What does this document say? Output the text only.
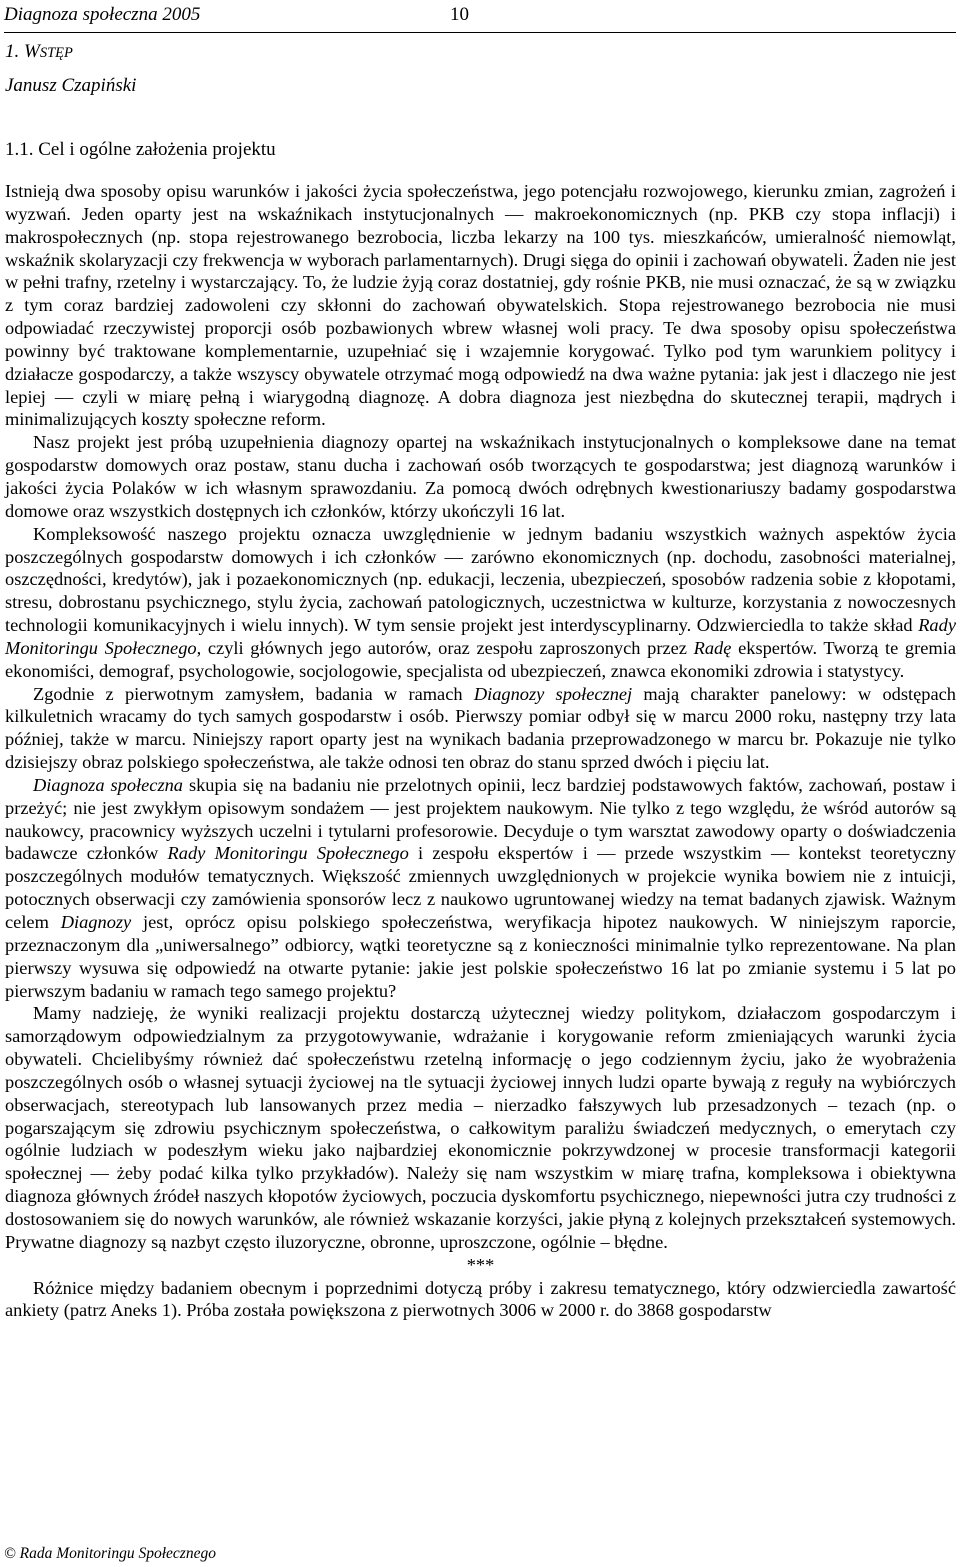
Diagnoza społeczna 2005	10
1. WSTĘP
Janusz Czapiński
1.1. Cel i ogólne założenia projektu

Istnieją dwa sposoby opisu warunków i jakości życia społeczeństwa, jego potencjału rozwojowego, kierunku zmian, zagrożeń i wyzwań. Jeden oparty jest na wskaźnikach instytucjonalnych — makroekonomicznych (np. PKB czy stopa inflacji) i makrospołecznych (np. stopa rejestrowanego bezrobocia, liczba lekarzy na 100 tys. mieszkańców, umieralność niemowląt, wskaźnik skolaryzacji czy frekwencja w wyborach parlamentarnych). Drugi sięga do opinii i zachowań obywateli. Żaden nie jest w pełni trafny, rzetelny i wystarczający. To, że ludzie żyją coraz dostatniej, gdy rośnie PKB, nie musi oznaczać, że są w związku z tym coraz bardziej zadowoleni czy skłonni do zachowań obywatelskich. Stopa rejestrowanego bezrobocia nie musi odpowiadać rzeczywistej proporcji osób pozbawionych wbrew własnej woli pracy. Te dwa sposoby opisu społeczeństwa powinny być traktowane komplementarnie, uzupełniać się i wzajemnie korygować. Tylko pod tym warunkiem politycy i działacze gospodarczy, a także wszyscy obywatele otrzymać mogą odpowiedź na dwa ważne pytania: jak jest i dlaczego nie jest lepiej — czyli w miarę pełną i wiarygodną diagnozę. A dobra diagnoza jest niezbędna do skutecznej terapii, mądrych i minimalizujących koszty społeczne reform.

Nasz projekt jest próbą uzupełnienia diagnozy opartej na wskaźnikach instytucjonalnych o kompleksowe dane na temat gospodarstw domowych oraz postaw, stanu ducha i zachowań osób tworzących te gospodarstwa; jest diagnozą warunków i jakości życia Polaków w ich własnym sprawozdaniu. Za pomocą dwóch odrębnych kwestionariuszy badamy gospodarstwa domowe oraz wszystkich dostępnych ich członków, którzy ukończyli 16 lat.

Kompleksowość naszego projektu oznacza uwzględnienie w jednym badaniu wszystkich ważnych aspektów życia poszczególnych gospodarstw domowych i ich członków — zarówno ekonomicznych (np. dochodu, zasobności materialnej, oszczędności, kredytów), jak i pozaekonomicznych (np. edukacji, leczenia, ubezpieczeń, sposobów radzenia sobie z kłopotami, stresu, dobrostanu psychicznego, stylu życia, zachowań patologicznych, uczestnictwa w kulturze, korzystania z nowoczesnych technologii komunikacyjnych i wielu innych). W tym sensie projekt jest interdyscyplinarny. Odzwierciedla to także skład Rady Monitoringu Społecznego, czyli głównych jego autorów, oraz zespołu zaproszonych przez Radę ekspertów. Tworzą te gremia ekonomiści, demograf, psychologowie, socjologowie, specjalista od ubezpieczeń, znawca ekonomiki zdrowia i statystycy.

Zgodnie z pierwotnym zamysłem, badania w ramach Diagnozy społecznej mają charakter panelowy: w odstępach kilkuletnich wracamy do tych samych gospodarstw i osób. Pierwszy pomiar odbył się w marcu 2000 roku, następny trzy lata później, także w marcu. Niniejszy raport oparty jest na wynikach badania przeprowadzonego w marcu br. Pokazuje nie tylko dzisiejszy obraz polskiego społeczeństwa, ale także odnosi ten obraz do stanu sprzed dwóch i pięciu lat.

Diagnoza społeczna skupia się na badaniu nie przelotnych opinii, lecz bardziej podstawowych faktów, zachowań, postaw i przeżyć; nie jest zwykłym opisowym sondażem — jest projektem naukowym. Nie tylko z tego względu, że wśród autorów są naukowcy, pracownicy wyższych uczelni i tytularni profesorowie. Decyduje o tym warsztat zawodowy oparty o doświadczenia badawcze członków Rady Monitoringu Społecznego i zespołu ekspertów i — przede wszystkim — kontekst teoretyczny poszczególnych modułów tematycznych. Większość zmiennych uwzględnionych w projekcie wynika bowiem nie z intuicji, potocznych obserwacji czy zamówienia sponsorów lecz z naukowo ugruntowanej wiedzy na temat badanych zjawisk. Ważnym celem Diagnozy jest, oprócz opisu polskiego społeczeństwa, weryfikacja hipotez naukowych. W niniejszym raporcie, przeznaczonym dla „uniwersalnego” odbiorcy, wątki teoretyczne są z konieczności minimalnie tylko reprezentowane. Na plan pierwszy wysuwa się odpowiedź na otwarte pytanie: jakie jest polskie społeczeństwo 16 lat po zmianie systemu i 5 lat po pierwszym badaniu w ramach tego samego projektu?

Mamy nadzieję, że wyniki realizacji projektu dostarczą użytecznej wiedzy politykom, działaczom gospodarczym i samorządowym odpowiedzialnym za przygotowywanie, wdrażanie i korygowanie reform zmieniających warunki życia obywateli. Chcielibyśmy również dać społeczeństwu rzetelną informację o jego codziennym życiu, jako że wyobrażenia poszczególnych osób o własnej sytuacji życiowej na tle sytuacji życiowej innych ludzi oparte bywają z reguły na wybiórczych obserwacjach, stereotypach lub lansowanych przez media – nierzadko fałszywych lub przesadzonych – tezach (np. o pogarszającym się zdrowiu psychicznym społeczeństwa, o całkowitym paraliżu świadczeń medycznych, o emerytach czy ogólnie ludziach w podeszłym wieku jako najbardziej ekonomicznie pokrzywdzonej w procesie transformacji kategorii społecznej — żeby podać kilka tylko przykładów). Należy się nam wszystkim w miarę trafna, kompleksowa i obiektywna diagnoza głównych źródeł naszych kłopotów życiowych, poczucia dyskomfortu psychicznego, niepewności jutra czy trudności z dostosowaniem się do nowych warunków, ale również wskazanie korzyści, jakie płyną z kolejnych przekształceń systemowych. Prywatne diagnozy są nazbyt często iluzoryczne, obronne, uproszczone, ogólnie – błędne.

***

Różnice między badaniem obecnym i poprzednimi dotyczą próby i zakresu tematycznego, który odzwierciedla zawartość ankiety (patrz Aneks 1). Próba została powiększona z pierwotnych 3006 w 2000 r. do 3868 gospodarstw

© Rada Monitoringu Społecznego
